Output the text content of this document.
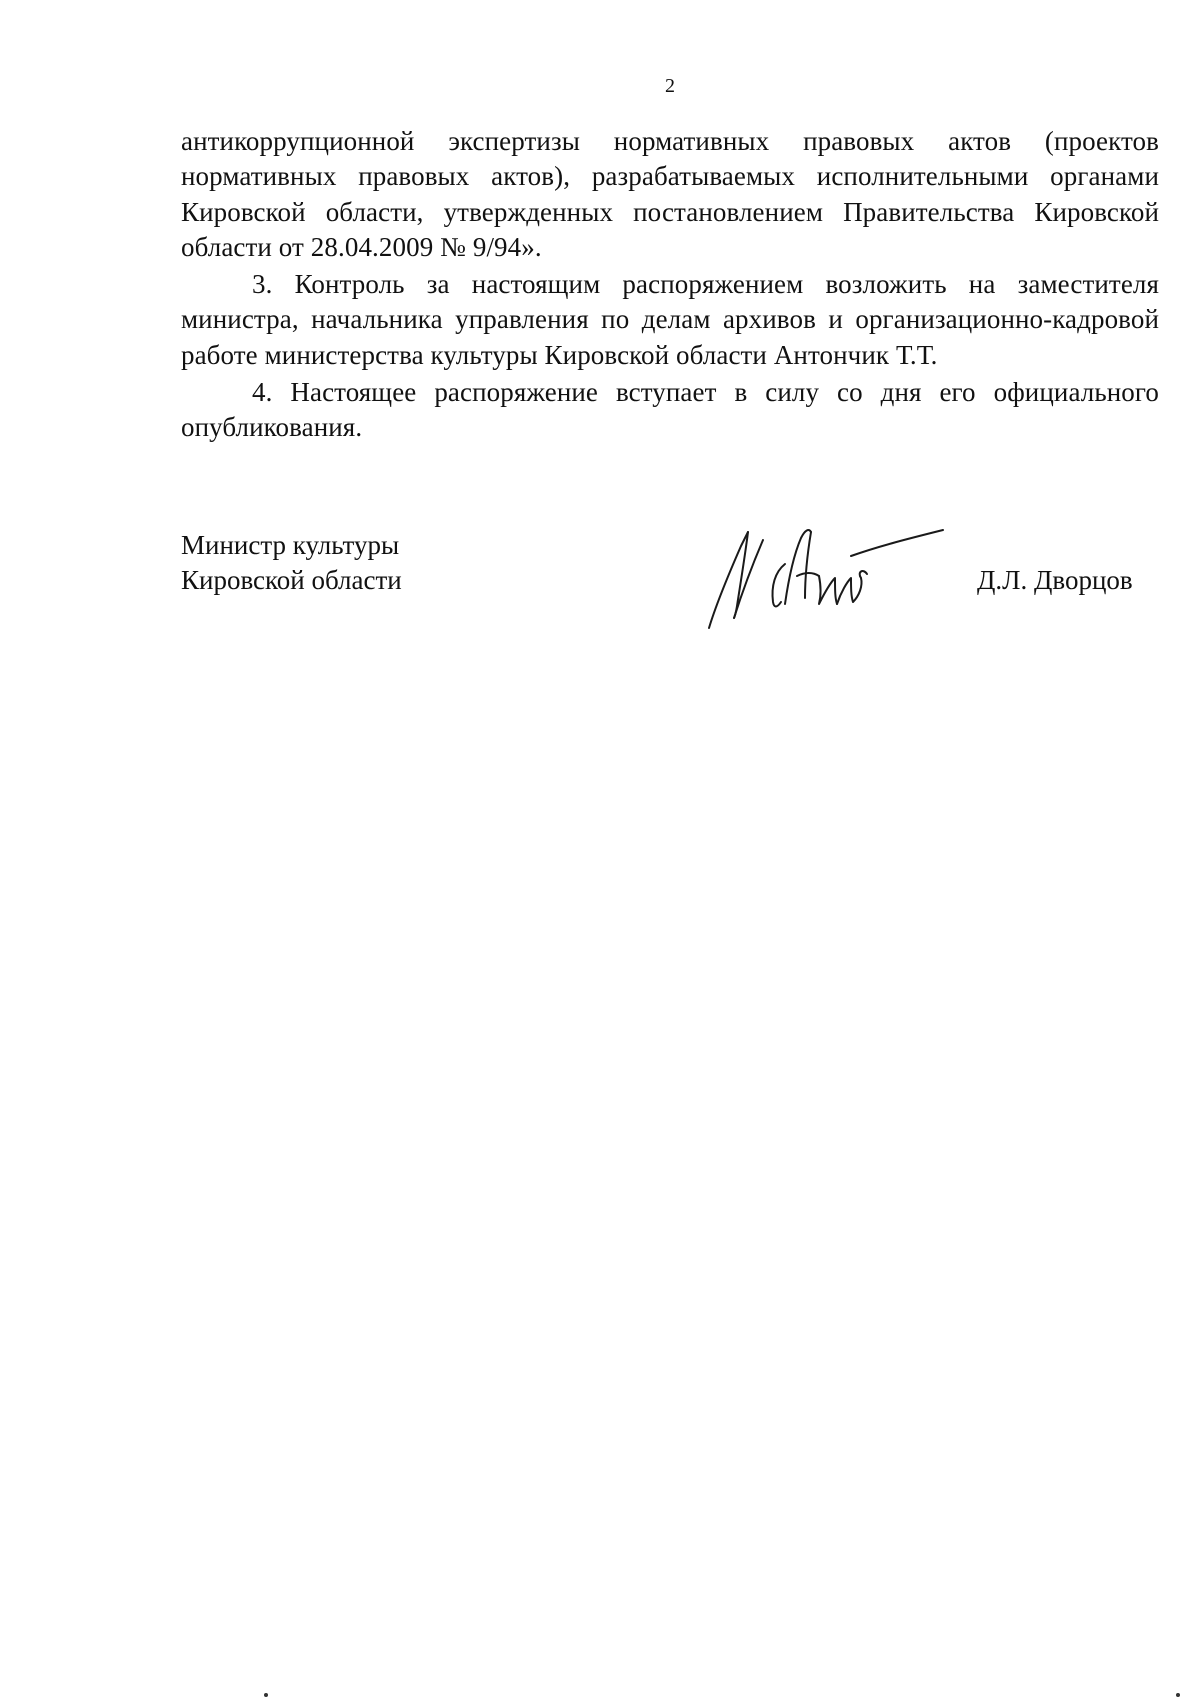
2

антикоррупционной экспертизы нормативных правовых актов (проектов нормативных правовых актов), разрабатываемых исполнительными органами Кировской области, утвержденных постановлением Правительства Кировской области от 28.04.2009 № 9/94».

3. Контроль за настоящим распоряжением возложить на заместителя министра, начальника управления по делам архивов и организационно-кадровой работе министерства культуры Кировской области Антончик Т.Т.

4. Настоящее распоряжение вступает в силу со дня его официального опубликования.

Министр культуры
Кировской области	Д.Л. Дворцов
